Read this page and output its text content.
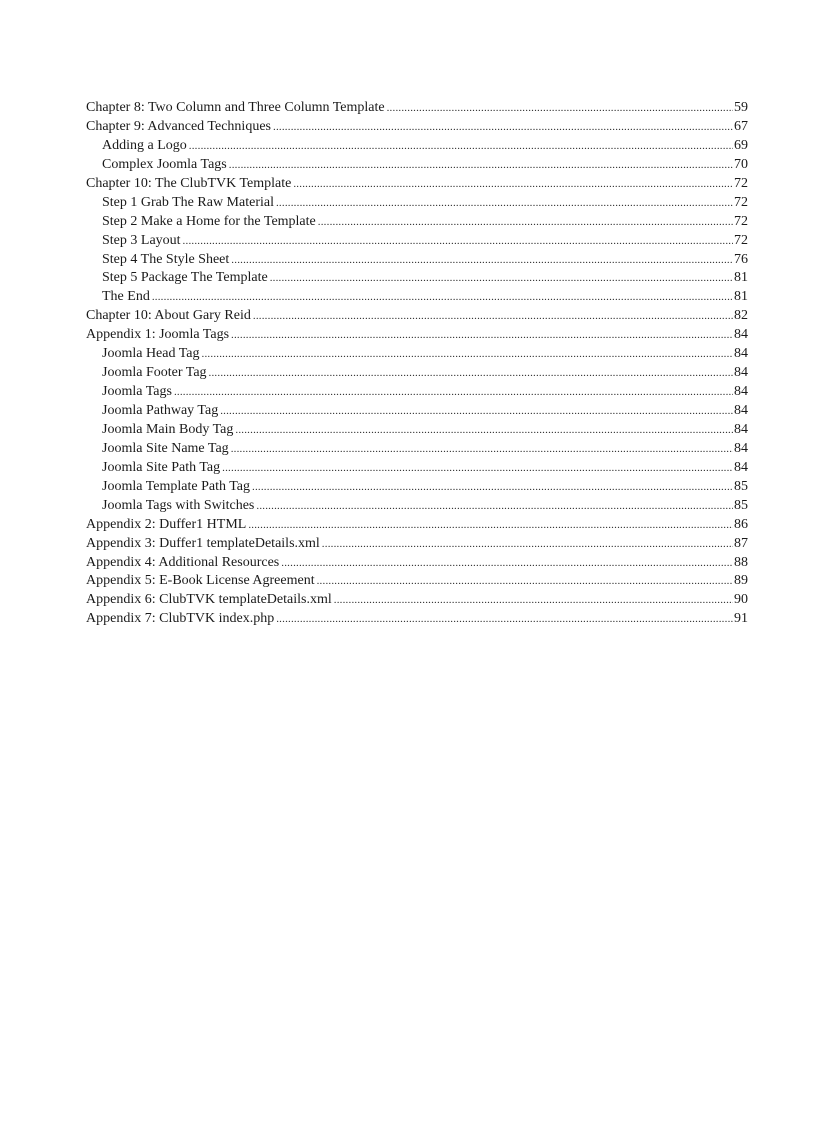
Chapter 8: Two Column and Three Column Template .....	59
Chapter 9: Advanced Techniques .....	67
Adding a Logo .....	69
Complex Joomla Tags .....	70
Chapter 10: The ClubTVK Template .....	72
Step 1 Grab The Raw Material .....	72
Step 2 Make a Home for the Template .....	72
Step 3 Layout .....	72
Step 4 The Style Sheet .....	76
Step 5 Package The Template .....	81
The End .....	81
Chapter 10: About Gary Reid .....	82
Appendix 1: Joomla Tags .....	84
Joomla Head Tag .....	84
Joomla Footer Tag .....	84
Joomla Tags .....	84
Joomla Pathway Tag .....	84
Joomla Main Body Tag .....	84
Joomla Site Name Tag .....	84
Joomla Site Path Tag .....	84
Joomla Template Path Tag .....	85
Joomla Tags with Switches .....	85
Appendix 2: Duffer1 HTML .....	86
Appendix 3: Duffer1 templateDetails.xml .....	87
Appendix 4: Additional Resources .....	88
Appendix 5: E-Book License Agreement .....	89
Appendix 6: ClubTVK templateDetails.xml .....	90
Appendix 7: ClubTVK index.php .....	91
